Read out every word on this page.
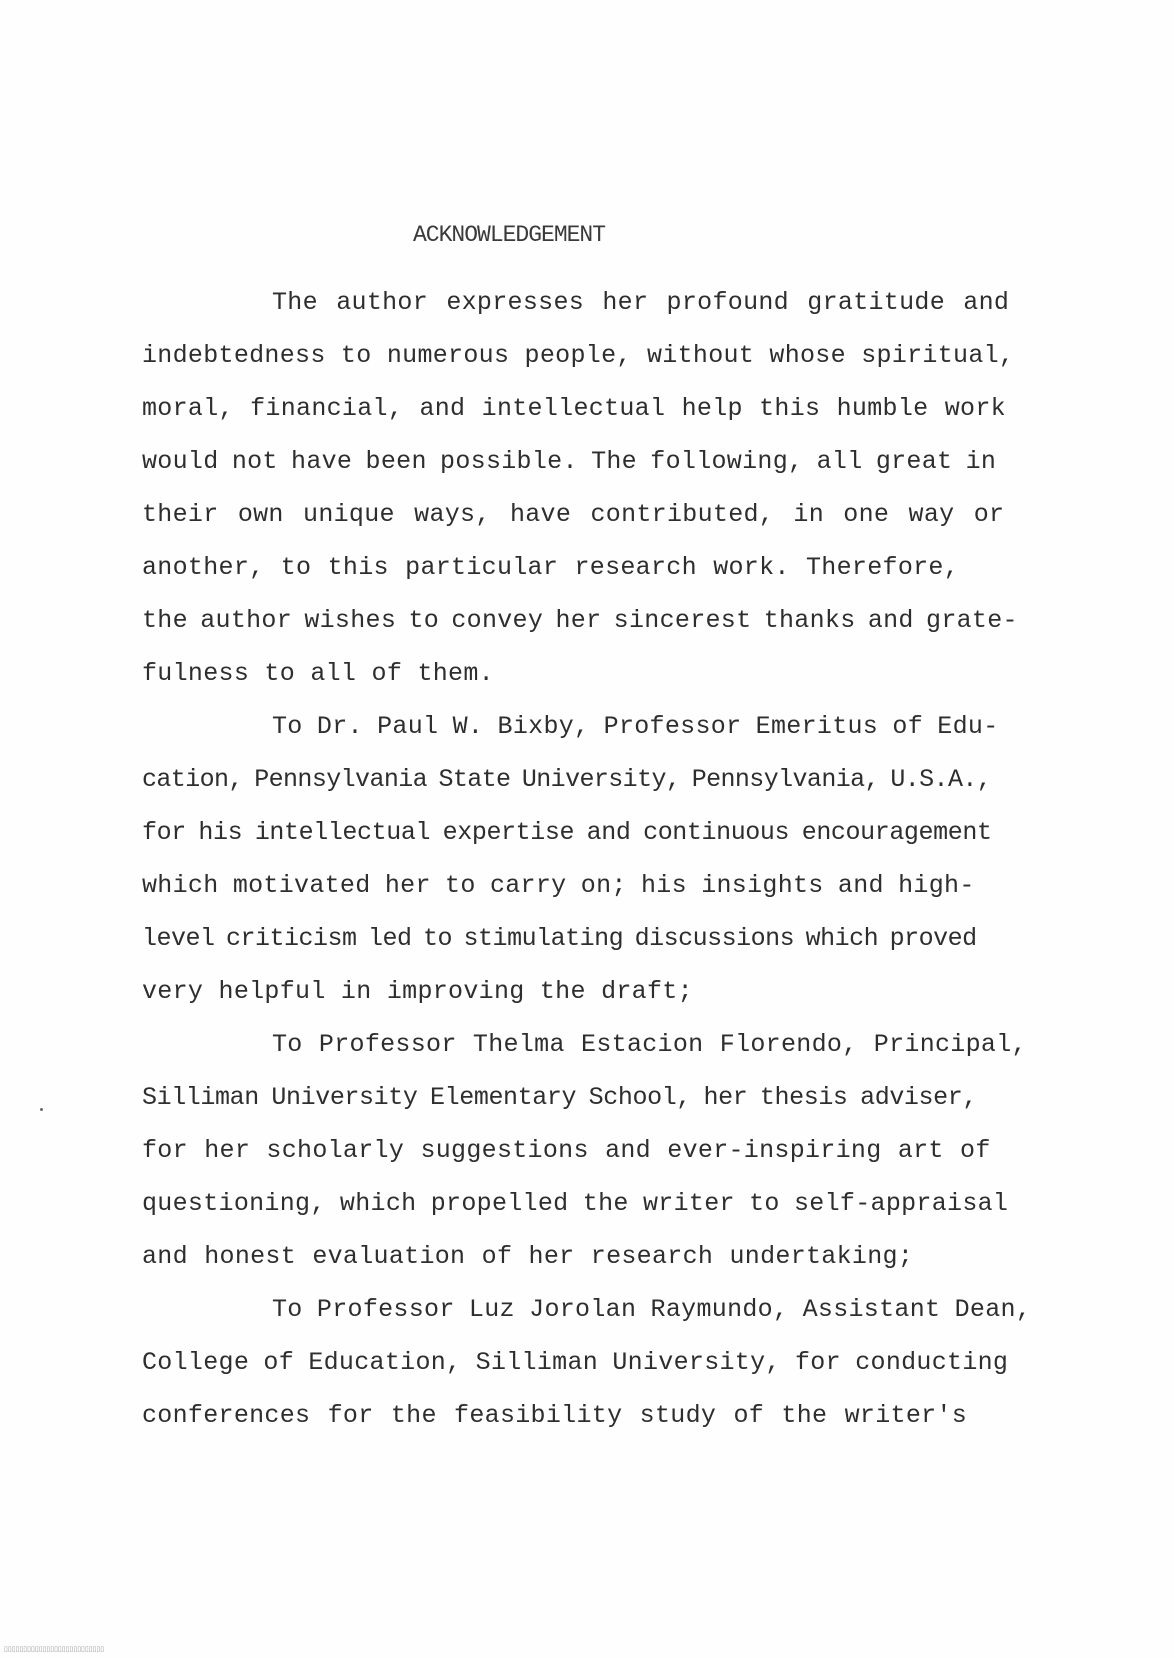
ACKNOWLEDGEMENT
The author expresses her profound gratitude and
indebtedness to numerous people, without whose spiritual,
moral, financial, and intellectual help this humble work
would not have been possible. The following, all great in
their own unique ways, have contributed, in one way or
another, to this particular research work. Therefore,
the author wishes to convey her sincerest thanks and grate-
fulness to all of them.
To Dr. Paul W. Bixby, Professor Emeritus of Edu-
cation, Pennsylvania State University, Pennsylvania, U.S.A.,
for his intellectual expertise and continuous encouragement
which motivated her to carry on; his insights and high-
level criticism led to stimulating discussions which proved
very helpful in improving the draft;
To Professor Thelma Estacion Florendo, Principal,
Silliman University Elementary School, her thesis adviser,
for her scholarly suggestions and ever-inspiring art of
questioning, which propelled the writer to self-appraisal
and honest evaluation of her research undertaking;
To Professor Luz Jorolan Raymundo, Assistant Dean,
College of Education, Silliman University, for conducting
conferences for the feasibility study of the writer's
▯▯▯▯▯▯▯▯▯▯▯▯▯▯▯▯▯▯▯▯▯▯▯▯▯▯
